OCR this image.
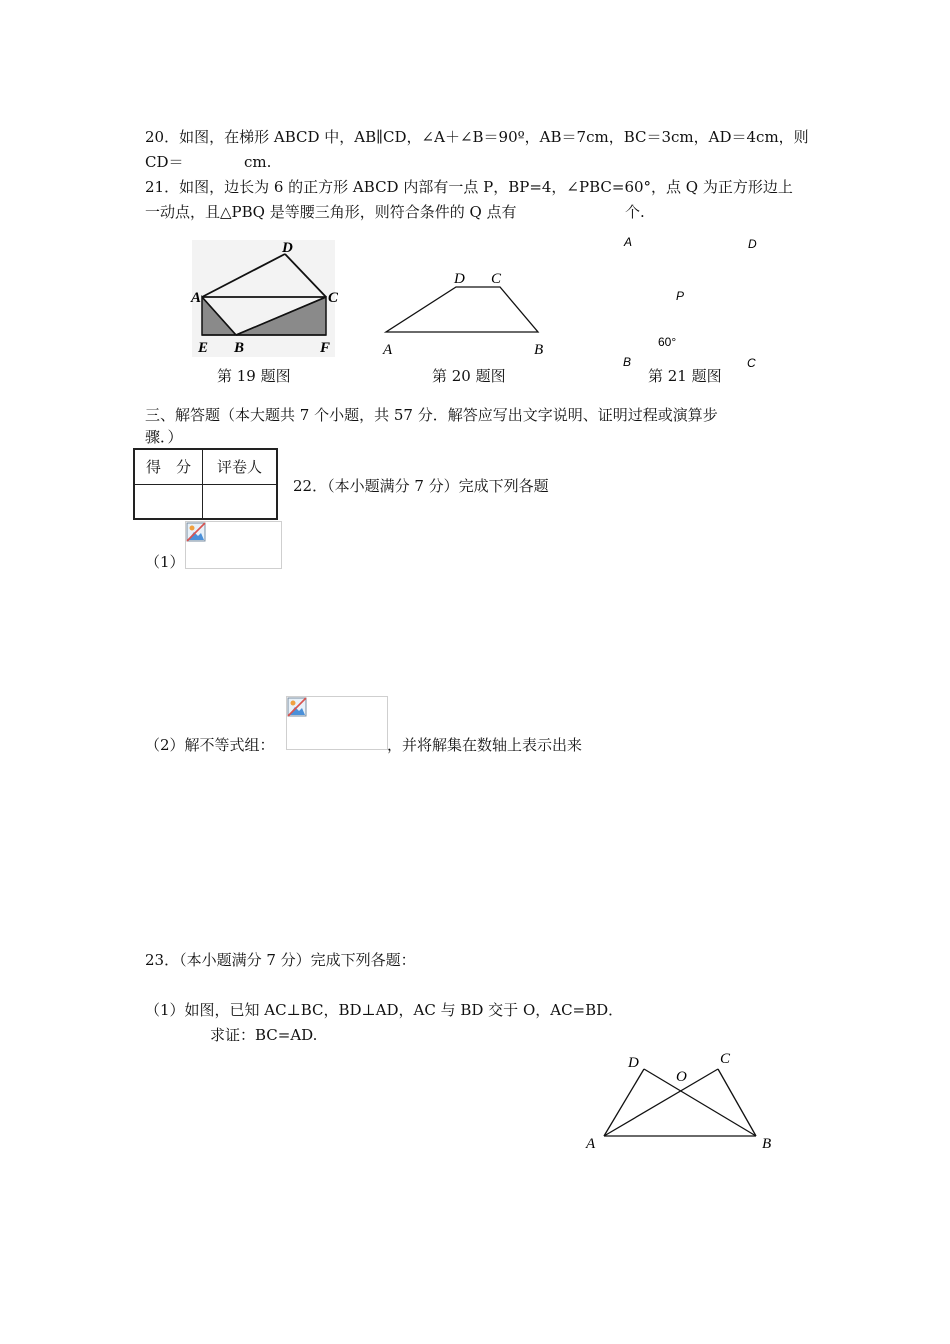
20．如图，在梯形 ABCD 中，AB∥CD，∠A＋∠B＝90º，AB＝7cm，BC＝3cm，AD＝4cm，则
CD＝	cm.
21．如图，边长为 6 的正方形 ABCD 内部有一点 P，BP=4，∠PBC=60°，点 Q 为正方形边上
一动点，且△PBQ 是等腰三角形，则符合条件的 Q 点有	个.
D
A	C
E B	F
第 19 题图
A	B
D C
第 20 题图
A	D
P
60°
B	C
第 21 题图
三、解答题（本大题共 7 个小题，共 57 分．解答应写出文字说明、证明过程或演算步
骤．）
得　分	评卷人
22．（本小题满分 7 分）完成下列各题
（1）
（2）解不等式组：	，并将解集在数轴上表示出来
23．（本小题满分 7 分）完成下列各题：
（1）如图，已知 AC⊥BC，BD⊥AD，AC 与 BD 交于 O，AC=BD．
求证：BC=AD.
A	B
D	C
O
